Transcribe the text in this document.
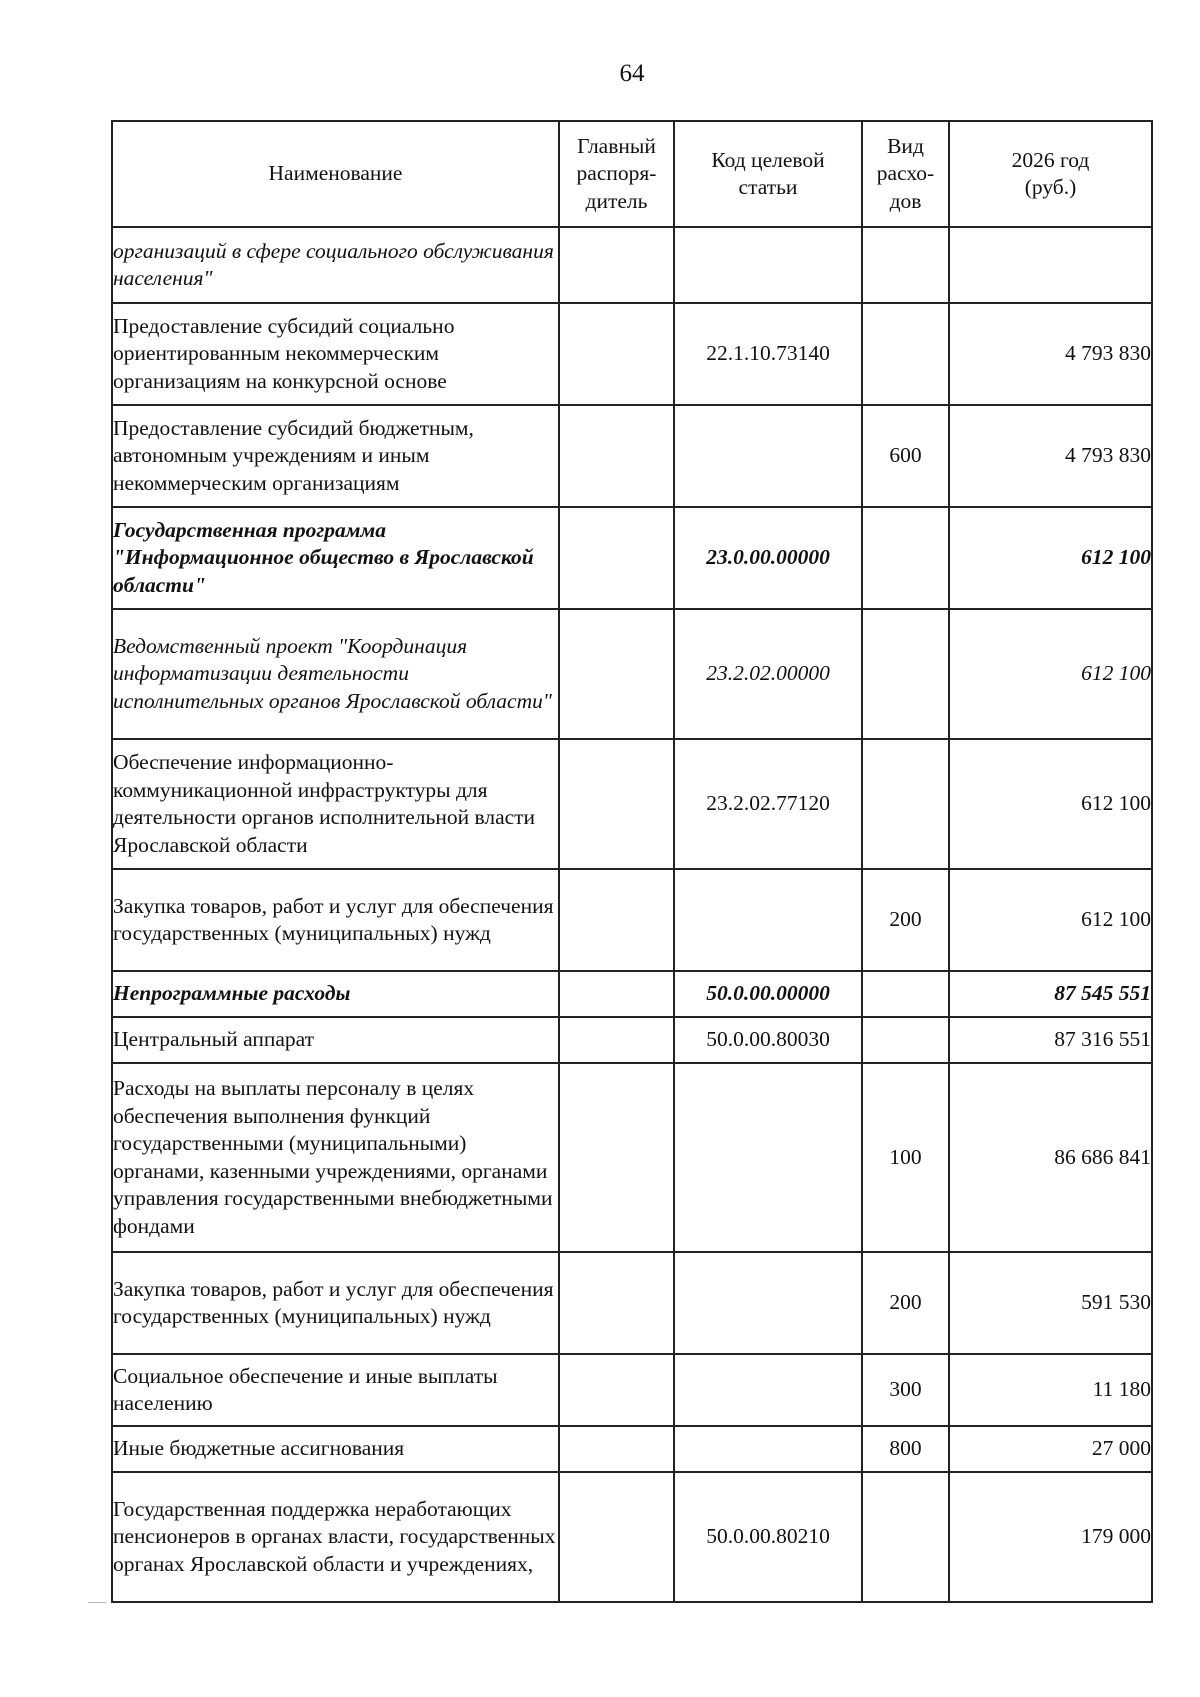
64
Наименование	Главный распоря-дитель	Код целевой статьи	Вид расхо-дов	2026 год (руб.)
организаций в сфере социального обслуживания населения"				
Предоставление субсидий социально ориентированным некоммерческим организациям на конкурсной основе		22.1.10.73140		4 793 830
Предоставление субсидий бюджетным, автономным учреждениям и иным некоммерческим организациям			600	4 793 830
Государственная программа "Информационное общество в Ярославской области"		23.0.00.00000		612 100
Ведомственный проект "Координация информатизации деятельности исполнительных органов Ярославской области"		23.2.02.00000		612 100
Обеспечение информационно-коммуникационной инфраструктуры для деятельности органов исполнительной власти Ярославской области		23.2.02.77120		612 100
Закупка товаров, работ и услуг для обеспечения государственных (муниципальных) нужд			200	612 100
Непрограммные расходы		50.0.00.00000		87 545 551
Центральный аппарат		50.0.00.80030		87 316 551
Расходы на выплаты персоналу в целях обеспечения выполнения функций государственными (муниципальными) органами, казенными учреждениями, органами управления государственными внебюджетными фондами			100	86 686 841
Закупка товаров, работ и услуг для обеспечения государственных (муниципальных) нужд			200	591 530
Социальное обеспечение и иные выплаты населению			300	11 180
Иные бюджетные ассигнования			800	27 000
Государственная поддержка неработающих пенсионеров в органах власти, государственных органах Ярославской области и учреждениях,		50.0.00.80210		179 000
